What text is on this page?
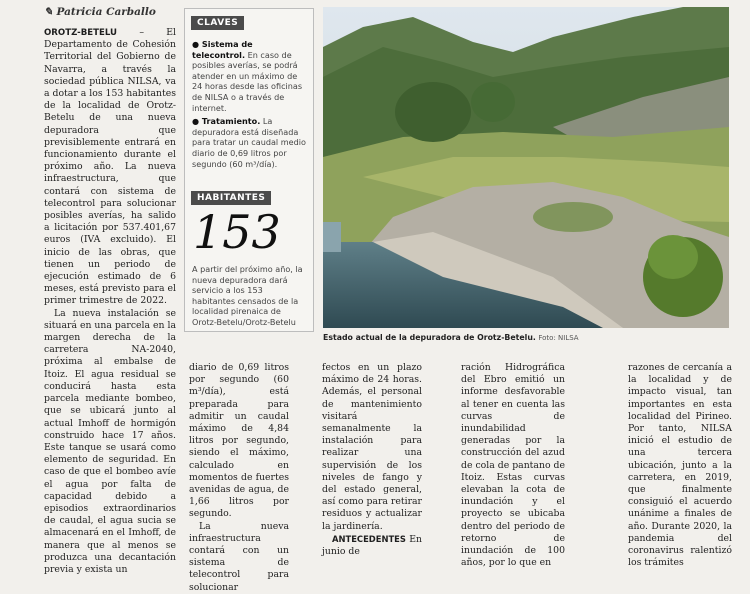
✎ Patricia Carballo

OROTZ-BETELU – El Departamento de Cohesión Territorial del Gobierno de Navarra, a través la sociedad pública NILSA, va a dotar a los 153 habitantes de la localidad de Orotz-Betelu de una nueva depuradora que previsiblemente entrará en funcionamiento durante el próximo año. La nueva infraestructura, que contará con sistema de telecontrol para solucionar posibles averías, ha salido a licitación por 537.401,67 euros (IVA excluido). El inicio de las obras, que tienen un periodo de ejecución estimado de 6 meses, está previsto para el primer trimestre de 2022.

La nueva instalación se situará en una parcela en la margen derecha de la carretera NA-2040, próxima al embalse de Itoiz. El agua residual se conducirá hasta esta parcela mediante bombeo, que se ubicará junto al actual Imhoff de hormigón construido hace 17 años. Este tanque se usará como elemento de seguridad. En caso de que el bombeo avíe el agua por falta de capacidad debido a episodios extraordinarios de caudal, el agua sucia se almacenará en el Imhoff, de manera que al menos se produzca una decantación previa y exista un

CLAVES
● Sistema de telecontrol. En caso de posibles averías, se podrá atender en un máximo de 24 horas desde las oficinas de NILSA o a través de internet.
● Tratamiento. La depuradora está diseñada para tratar un caudal medio diario de 0,69 litros por segundo (60 m³/día).
HABITANTES
153
A partir del próximo año, la nueva depuradora dará servicio a los 153 habitantes censados de la localidad pirenaica de Orotz-Betelu/Orotz-Betelu
Estado actual de la depuradora de Orotz-Betelu. Foto: NILSA

diario de 0,69 litros por segundo (60 m³/día), está preparada para admitir un caudal máximo de 4,84 litros por segundo, siendo el máximo, calculado en momentos de fuertes avenidas de agua, de 1,66 litros por segundo.

La nueva infraestructura contará con un sistema de telecontrol para solucionar

fectos en un plazo máximo de 24 horas. Además, el personal de mantenimiento visitará semanalmente la instalación para realizar una supervisión de los niveles de fango y del estado general, así como para retirar residuos y actualizar la jardinería.

ANTECEDENTES En junio de

ración Hidrográfica del Ebro emitió un informe desfavorable al tener en cuenta las curvas de inundabilidad generadas por la construcción del azud de cola de pantano de Itoiz. Estas curvas elevaban la cota de inundación y el proyecto se ubicaba dentro del periodo de retorno de inundación de 100 años, por lo que en

razones de cercanía a la localidad y de impacto visual, tan importantes en esta localidad del Pirineo. Por tanto, NILSA inició el estudio de una tercera ubicación, junto a la carretera, en 2019, que finalmente consiguió el acuerdo unánime a finales de año. Durante 2020, la pandemia del coronavirus ralentizó los trámites
